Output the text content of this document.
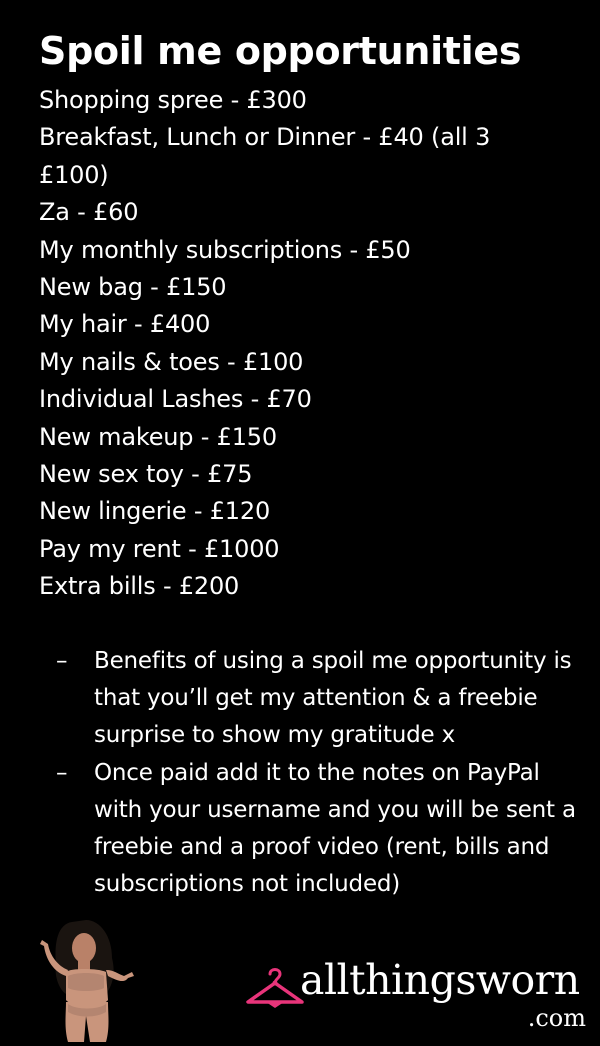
Spoil me opportunities
Shopping spree - £300
Breakfast, Lunch or Dinner - £40 (all 3 £100)
Za - £60
My monthly subscriptions - £50
New bag - £150
My hair - £400
My nails & toes - £100
Individual Lashes - £70
New makeup - £150
New sex toy - £75
New lingerie - £120
Pay my rent - £1000
Extra bills - £200
–	Benefits of using a spoil me opportunity is that you’ll get my attention & a freebie surprise to show my gratitude x
–	Once paid add it to the notes on PayPal with your username and you will be sent a freebie and a proof video (rent, bills and subscriptions not included)
allthingsworn
.com
